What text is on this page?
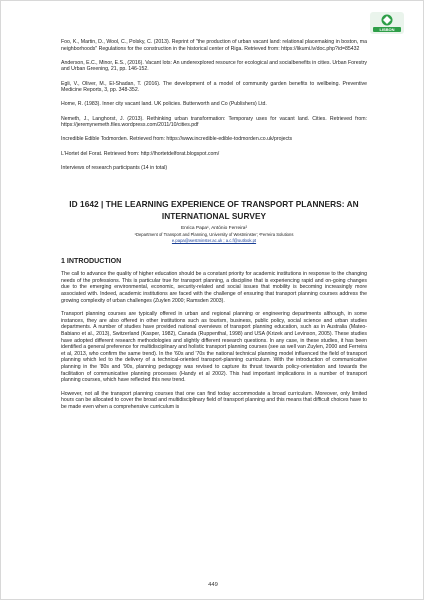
LISBON

Foo, K., Martin, D., Wool, C., Polsky, C. (2013). Reprint of "the production of urban vacant land: relational placemaking in boston, ma neighborhoods" Regulations for the construction in the historical center of Riga. Retrieved from: https://likumi.lv/doc.php?id=85432

Anderson, E.C., Minor, E.S., (2016). Vacant lots: An underexplored resource for ecological and socialbenefits in cities. Urban Forestry and Urban Greening, 21, pp. 146-152.

Egli, V., Oliver, M., El-Shadan, T. (2016). The development of a model of community garden benefits to wellbeing. Preventive Medicine Reports, 3, pp. 348-352.

Home, R. (1983). Inner city vacant land. UK policies. Butterworth and Co (Publishers) Ltd.

Nemeth, J., Langhorst, J. (2013). Rethinking urban transformation: Temporary uses for vacant land. Cities. Retrieved from: https://jeremynemeth.files.wordpress.com/2011/10/cities.pdf

Incredible Edible Todmorden. Retrieved from: https://www.incredible-edible-todmorden.co.uk/projects

L'Hortet del Forat. Retrieved from: http://lhortetdelforat.blogspot.com/

Interviews of research participants (14 in total)

ID 1642 | THE LEARNING EXPERIENCE OF TRANSPORT PLANNERS: AN
INTERNATIONAL SURVEY
Enrica Papa¹, António Ferreira²
¹Department of Transport and Planning, University of Westminster; ²Ferreira Solutions
e.papa@westminster.ac.uk ; a.c.f@outlook.pt
1 INTRODUCTION

The call to advance the quality of higher education should be a constant priority for academic institutions in response to the changing needs of the professions. This is particular true for transport planning, a discipline that is experiencing rapid and on-going changes due to the emerging environmental, economic, security-related and social issues that mobility is becoming increasingly more associated with. Indeed, academic institutions are faced with the challenge of ensuring that transport planning courses address the growing complexity of urban challenges (Zuylen 2000; Ramsden 2003).

Transport planning courses are typically offered in urban and regional planning or engineering departments although, in some instances, they are also offered in other institutions such as tourism, business, public policy, social science and urban studies departments. A number of studies have provided national overviews of transport planning education, such as in Australia (Mateo-Babiano et al., 2013), Switzerland (Kasper, 1982), Canada (Ruppenthal, 1998) and USA (Krizek and Levinson, 2005). These studies have adopted different research methodologies and slightly different research questions. In any case, in these studies, it has been identified a general preference for multidisciplinary and holistic transport planning courses (see as well van Zuylen, 2000 and Ferreira et al, 2013, who confirm the same trend). In the '60s and '70s the national technical planning model influenced the field of transport planning which led to the delivery of a technical-oriented transport-planning curriculum. With the introduction of communicative planning in the '80s and '90s, planning pedagogy was revised to capture its thrust towards policy-orientation and towards the facilitation of communicative planning processes (Handy et al 2002). This had important implications in a number of transport planning courses, which have reflected this new trend.

However, not all the transport planning courses that one can find today accommodate a broad curriculum. Moreover, only limited hours can be allocated to cover the broad and multidisciplinary field of transport planning and this means that difficult choices have to be made even when a comprehensive curriculum is

449
